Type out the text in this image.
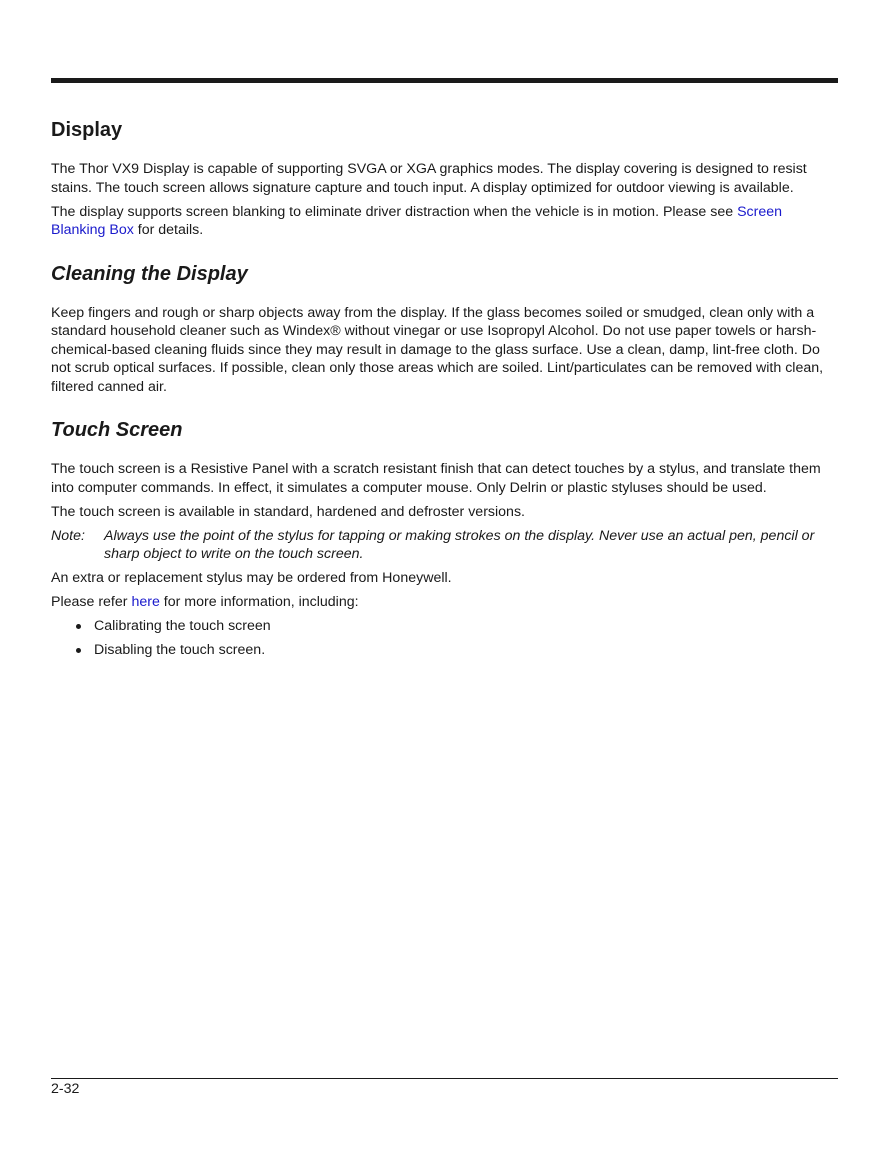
Display

The Thor VX9 Display is capable of supporting SVGA or XGA graphics modes. The display covering is designed to resist stains. The touch screen allows signature capture and touch input. A display optimized for outdoor viewing is available.

The display supports screen blanking to eliminate driver distraction when the vehicle is in motion. Please see Screen Blanking Box for details.

Cleaning the Display

Keep fingers and rough or sharp objects away from the display. If the glass becomes soiled or smudged, clean only with a standard household cleaner such as Windex® without vinegar or use Isopropyl Alcohol. Do not use paper towels or harsh-chemical-based cleaning fluids since they may result in damage to the glass surface. Use a clean, damp, lint-free cloth. Do not scrub optical surfaces. If possible, clean only those areas which are soiled. Lint/particulates can be removed with clean, filtered canned air.

Touch Screen

The touch screen is a Resistive Panel with a scratch resistant finish that can detect touches by a stylus, and translate them into computer commands. In effect, it simulates a computer mouse. Only Delrin or plastic styluses should be used.

The touch screen is available in standard, hardened and defroster versions.

Note:	Always use the point of the stylus for tapping or making strokes on the display. Never use an actual pen, pencil or sharp object to write on the touch screen.

An extra or replacement stylus may be ordered from Honeywell.

Please refer here for more information, including:

Calibrating the touch screen
Disabling the touch screen.
2-32
